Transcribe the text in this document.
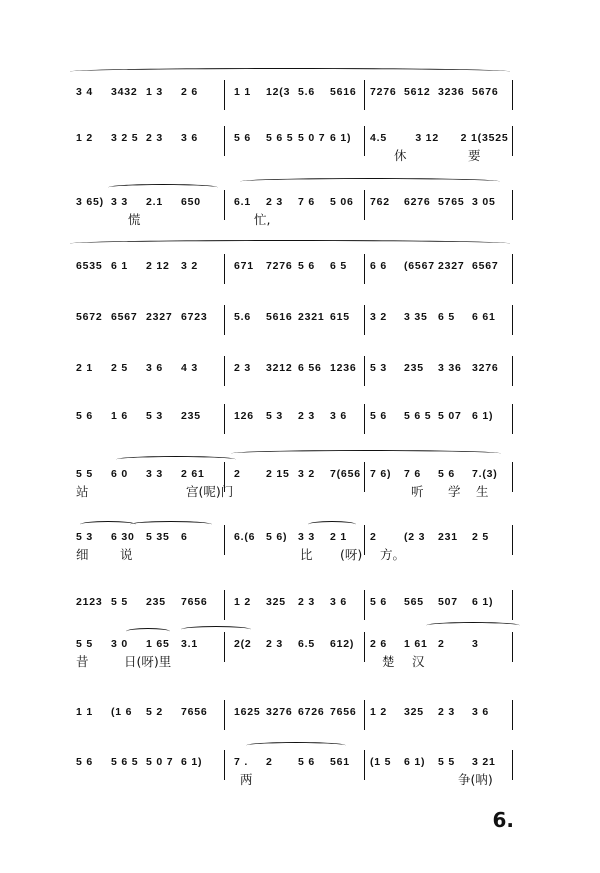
6.
3 4 3432 1 3 2 6	1 1 12(3 5.6 5616 7276 5612 3236 5676
1 2 3 2 5 2 3 3 6	5 6 5 6 5 5 0 7 6 1) 4.5	3 12 2 1(3525
休	要
3 65) 3 3 2.1 650	6.1 2 3 7 6 5 06 762 6276 5765 3 05
慌	忙,
6535 6 1 2 12 3 2	671 7276 5 6 6 5 6 6 (6567 2327 6567
5672 6567 2327 6723	5.6 5616 2321 615 3 2 3 35 6 5 6 61
2 1 2 5 3 6 4 3	2 3 3212 6 56 1236 5 3 235 3 36 3276
5 6 1 6 5 3 235	126 5 3 2 3 3 6 5 6 5 6 5 5 07 6 1)
5 5 6 0 3 3 2 61	2 2 15 3 2 7(656 7 6) 7 6 5 6 7.(3)
站	宫(呢)门	听 学 生
5 3 6 30 5 35 6	6.(6 5 6) 3 3 2 1 2	(2 3 231 2 5
细	说	比 (呀) 方。
2123 5 5 235 7656	1 2 325 2 3 3 6 5 6 565 507 6 1)
5 5 3 0 1 65 3.1	2(2 2 3 6.5 612) 2 6 1 61 2	3
昔	日(呀)里	楚 汉
1 1 (1 6 5 2 7656	1625 3276 6726 7656 1 2 325 2 3 3 6
5 6 5 6 5 5 0 7 6 1)	7 . 2 5 6 561 (1 5 6 1) 5 5 3 21
两	争(呐)
